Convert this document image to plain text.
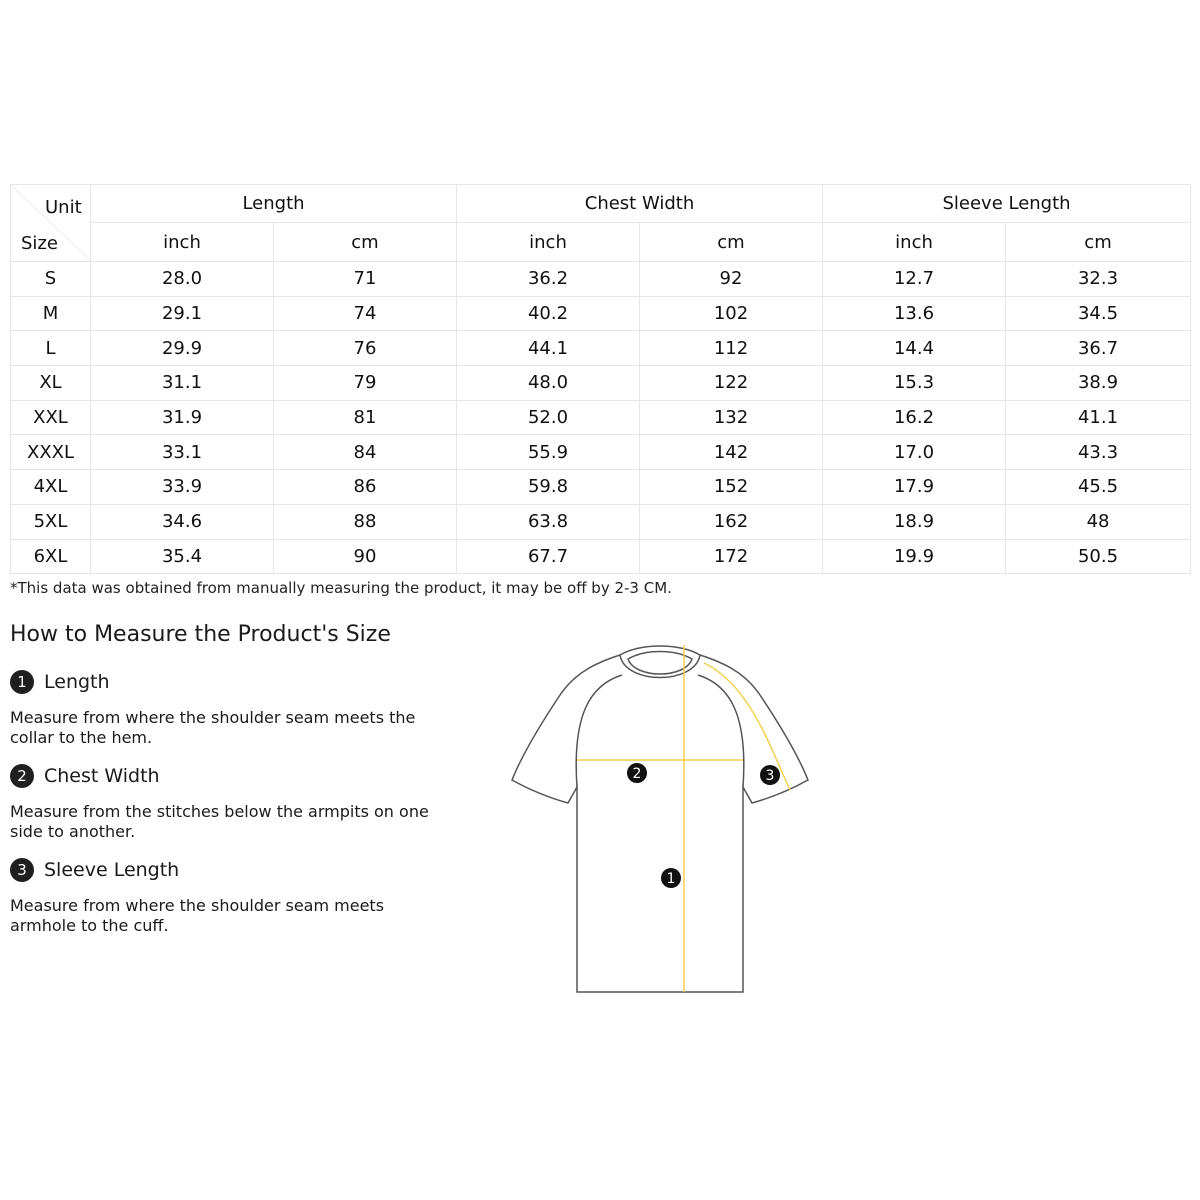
Unit
Size	Length		Chest Width		Sleeve Length	
	inch	cm	inch	cm	inch	cm
S	28.0	71	36.2	92	12.7	32.3
M	29.1	74	40.2	102	13.6	34.5
L	29.9	76	44.1	112	14.4	36.7
XL	31.1	79	48.0	122	15.3	38.9
XXL	31.9	81	52.0	132	16.2	41.1
XXXL	33.1	84	55.9	142	17.0	43.3
4XL	33.9	86	59.8	152	17.9	45.5
5XL	34.6	88	63.8	162	18.9	48
6XL	35.4	90	67.7	172	19.9	50.5
*This data was obtained from manually measuring the product, it may be off by 2-3 CM.
How to Measure the Product's Size
1 Length
Measure from where the shoulder seam meets the collar to the hem.
2 Chest Width
Measure from the stitches below the armpits on one side to another.
3 Sleeve Length
Measure from where the shoulder seam meets armhole to the cuff.
2	3
1
